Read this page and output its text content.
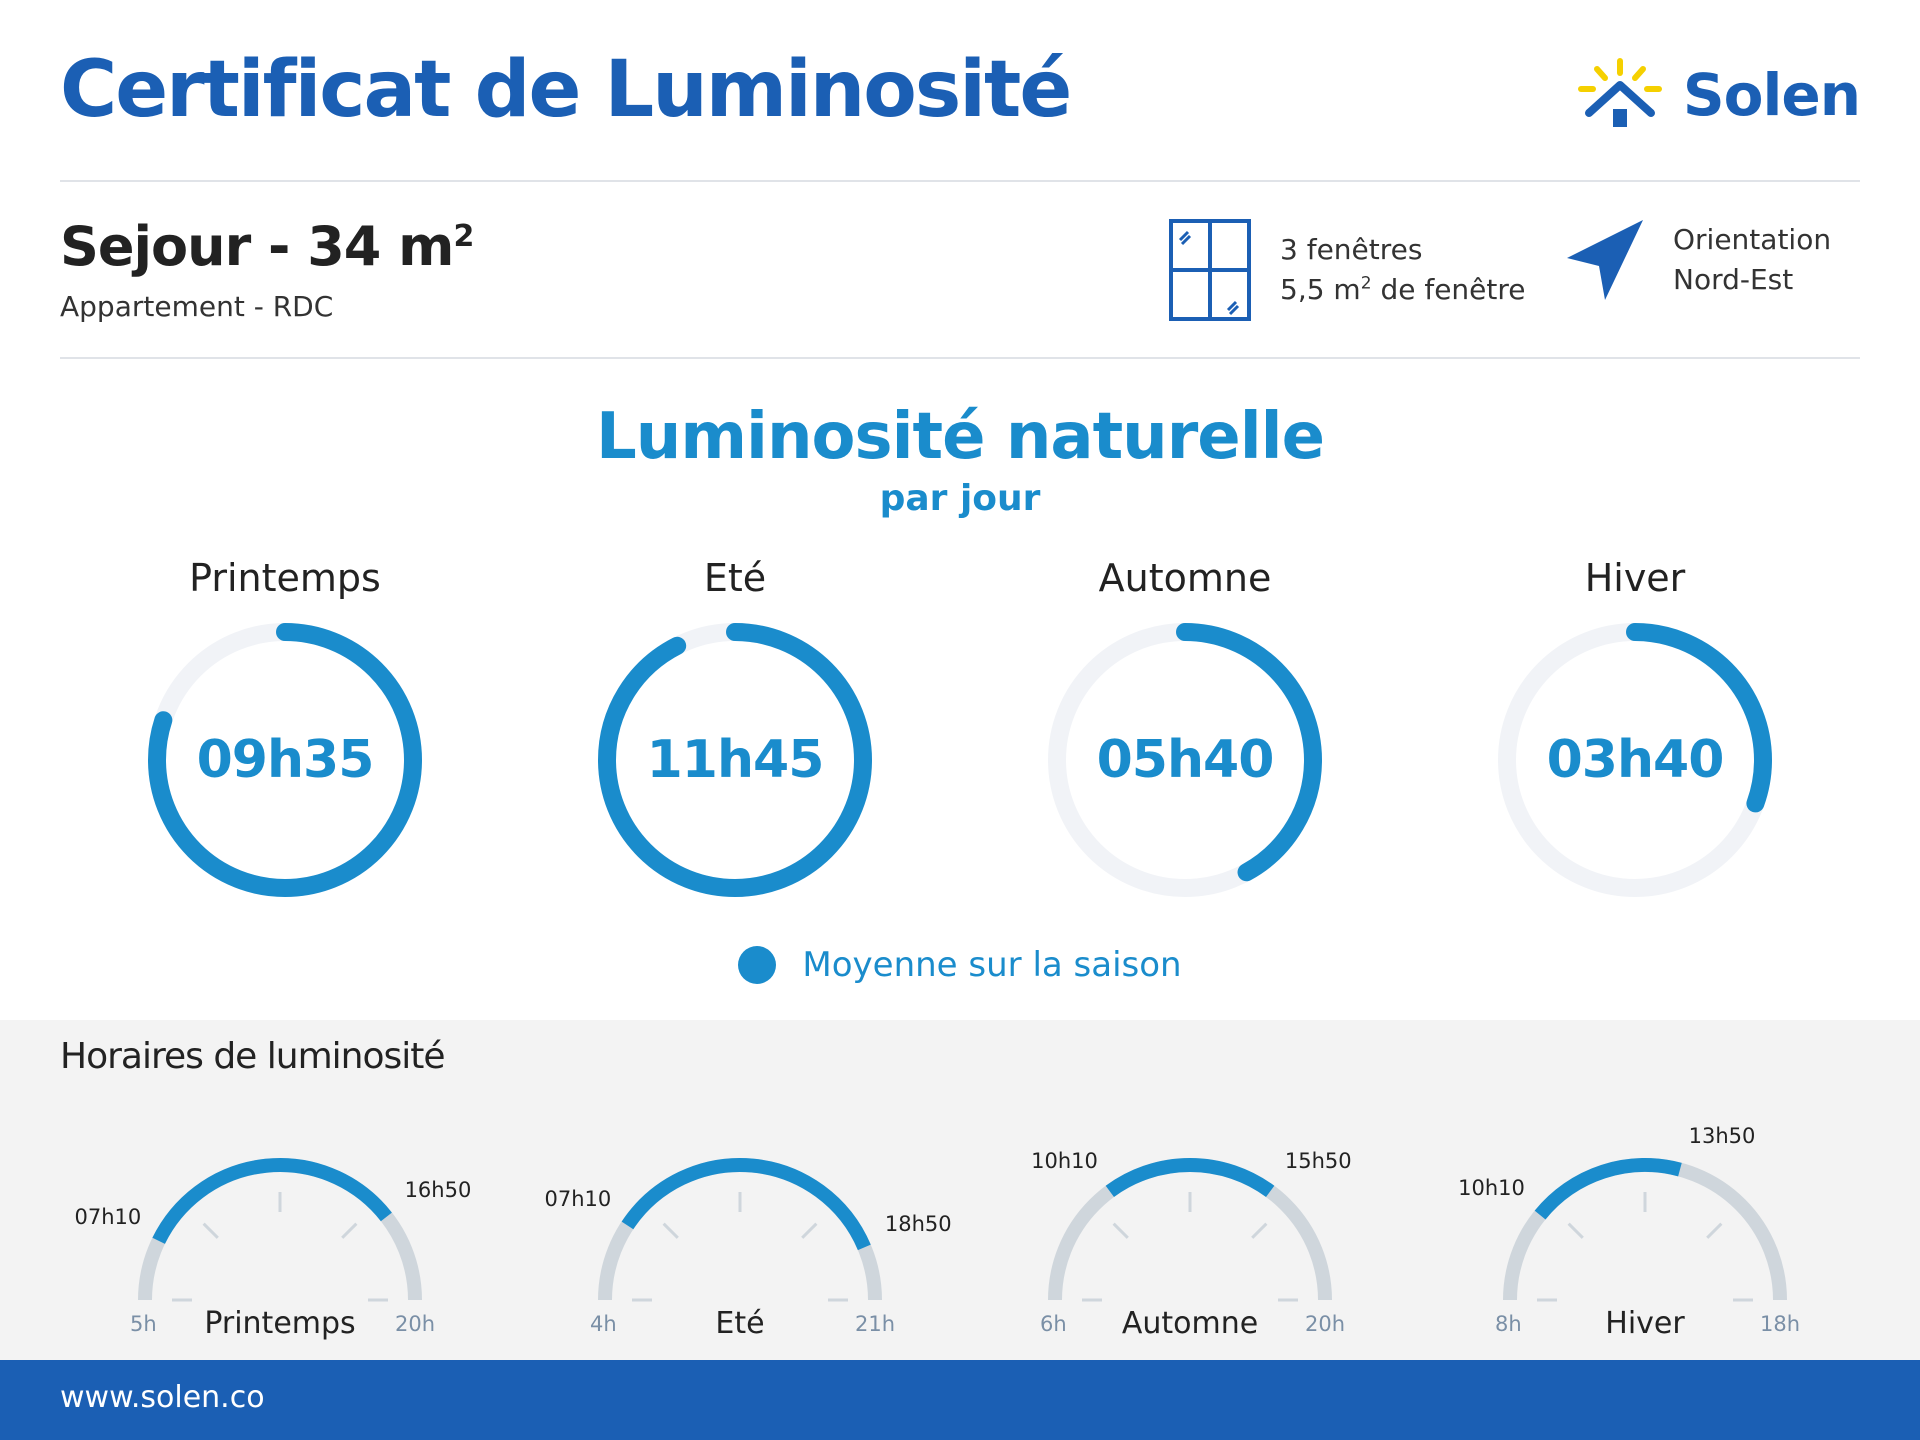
Certificat de Luminosité	Solen
Sejour - 34 $m^2$
Appartement - RDC
3 fenêtres
5,5 $m^2$ de fenêtre
Orientation
Nord-Est
Luminosité naturelle
par jour
Printemps
09h35
Eté
11h45
Automne
05h40
Hiver
03h40
Moyenne sur la saison
Horaires de luminosité
5h	20h
Printemps
07h10
16h50
4h	21h
Eté
07h10
18h50
6h	20h
Automne
10h10	15h50
8h	18h
Hiver
10h10
13h50
www.solen.co
